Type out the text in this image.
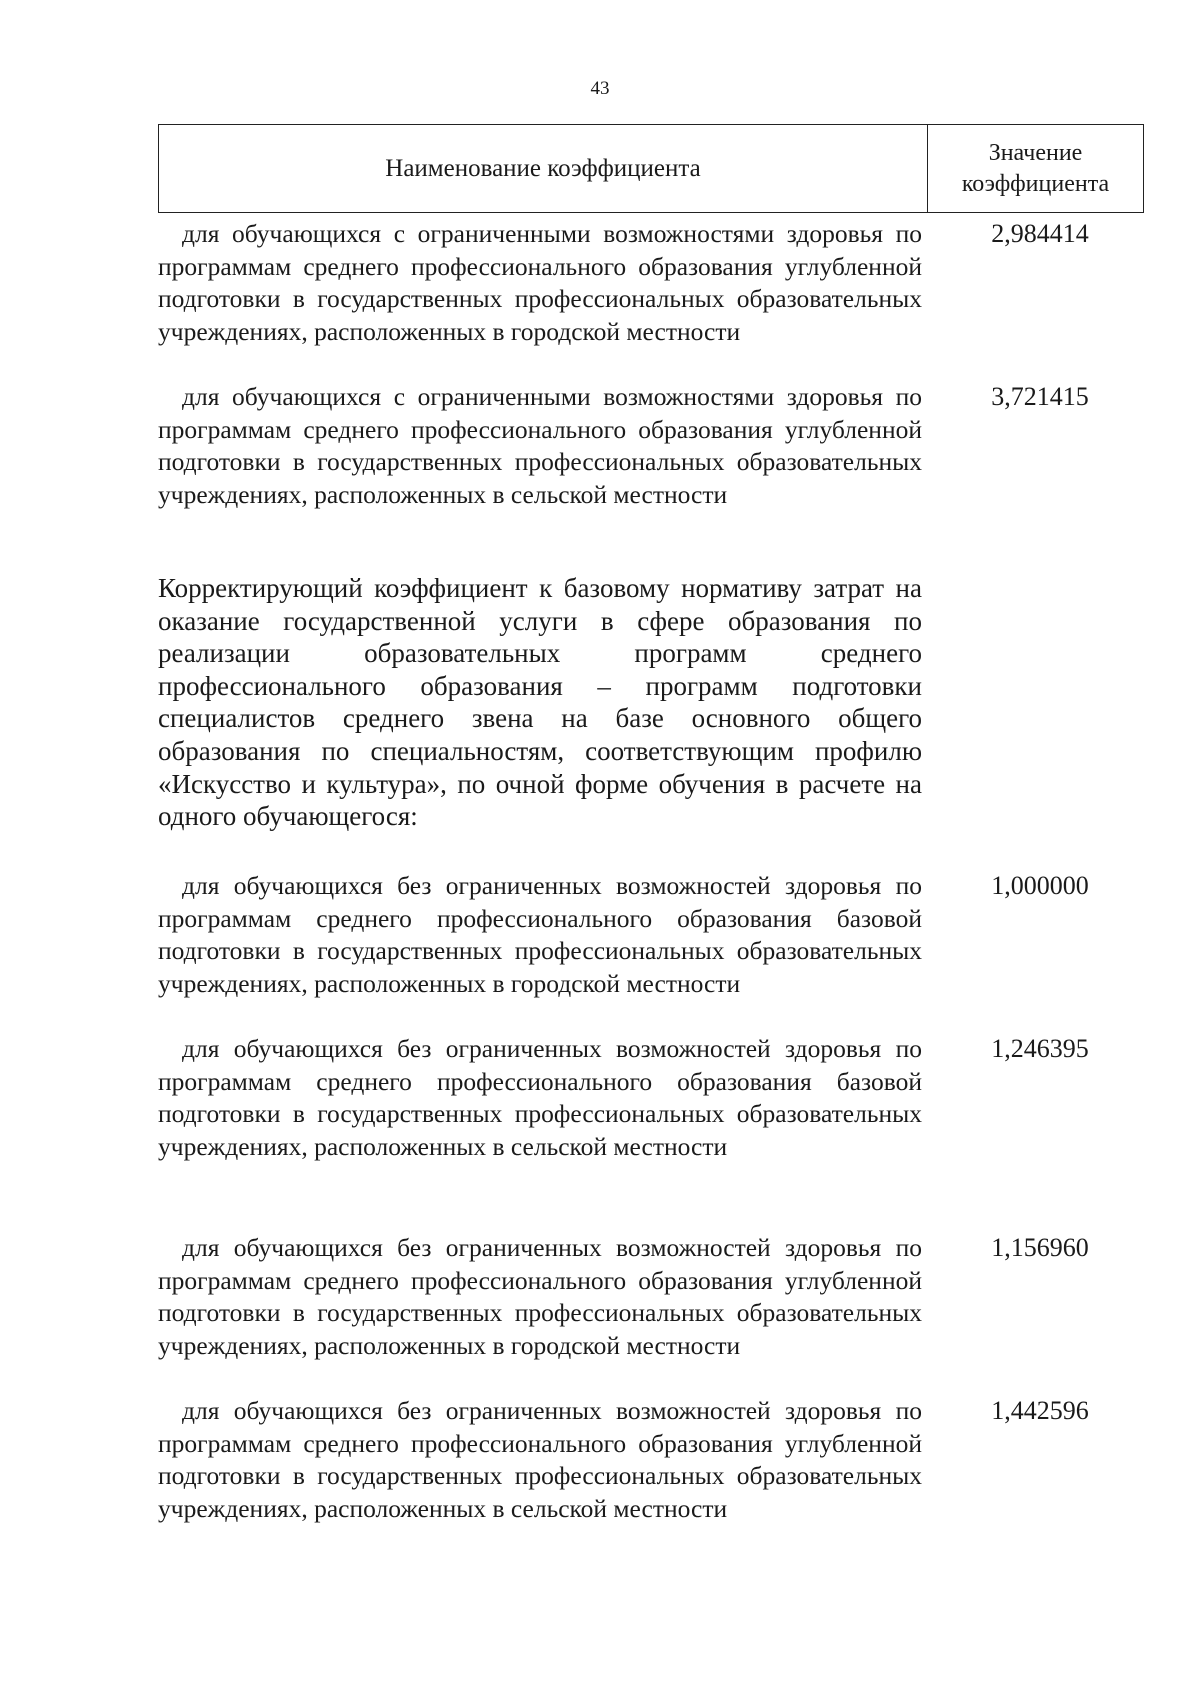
43
Наименование коэффициента
Значение коэффициента
для обучающихся с ограниченными возможностями здоровья по программам среднего профессионального образования углубленной подготовки в государственных профессиональных образовательных учреждениях, расположенных в городской местности
2,984414
для обучающихся с ограниченными возможностями здоровья по программам среднего профессионального образования углубленной подготовки в государственных профессиональных образовательных учреждениях, расположенных в сельской местности
3,721415
Корректирующий коэффициент к базовому нормативу затрат на оказание государственной услуги в сфере образования по реализации образовательных программ среднего профессионального образования – программ подготовки специалистов среднего звена на базе основного общего образования по специальностям, соответствующим профилю «Искусство и культура», по очной форме обучения в расчете на одного обучающегося:
для обучающихся без ограниченных возможностей здоровья по программам среднего профессионального образования базовой подготовки в государственных профессиональных образовательных учреждениях, расположенных в городской местности
1,000000
для обучающихся без ограниченных возможностей здоровья по программам среднего профессионального образования базовой подготовки в государственных профессиональных образовательных учреждениях, расположенных в сельской местности
1,246395
для обучающихся без ограниченных возможностей здоровья по программам среднего профессионального образования углубленной подготовки в государственных профессиональных образовательных учреждениях, расположенных в городской местности
1,156960
для обучающихся без ограниченных возможностей здоровья по программам среднего профессионального образования углубленной подготовки в государственных профессиональных образовательных учреждениях, расположенных в сельской местности
1,442596
